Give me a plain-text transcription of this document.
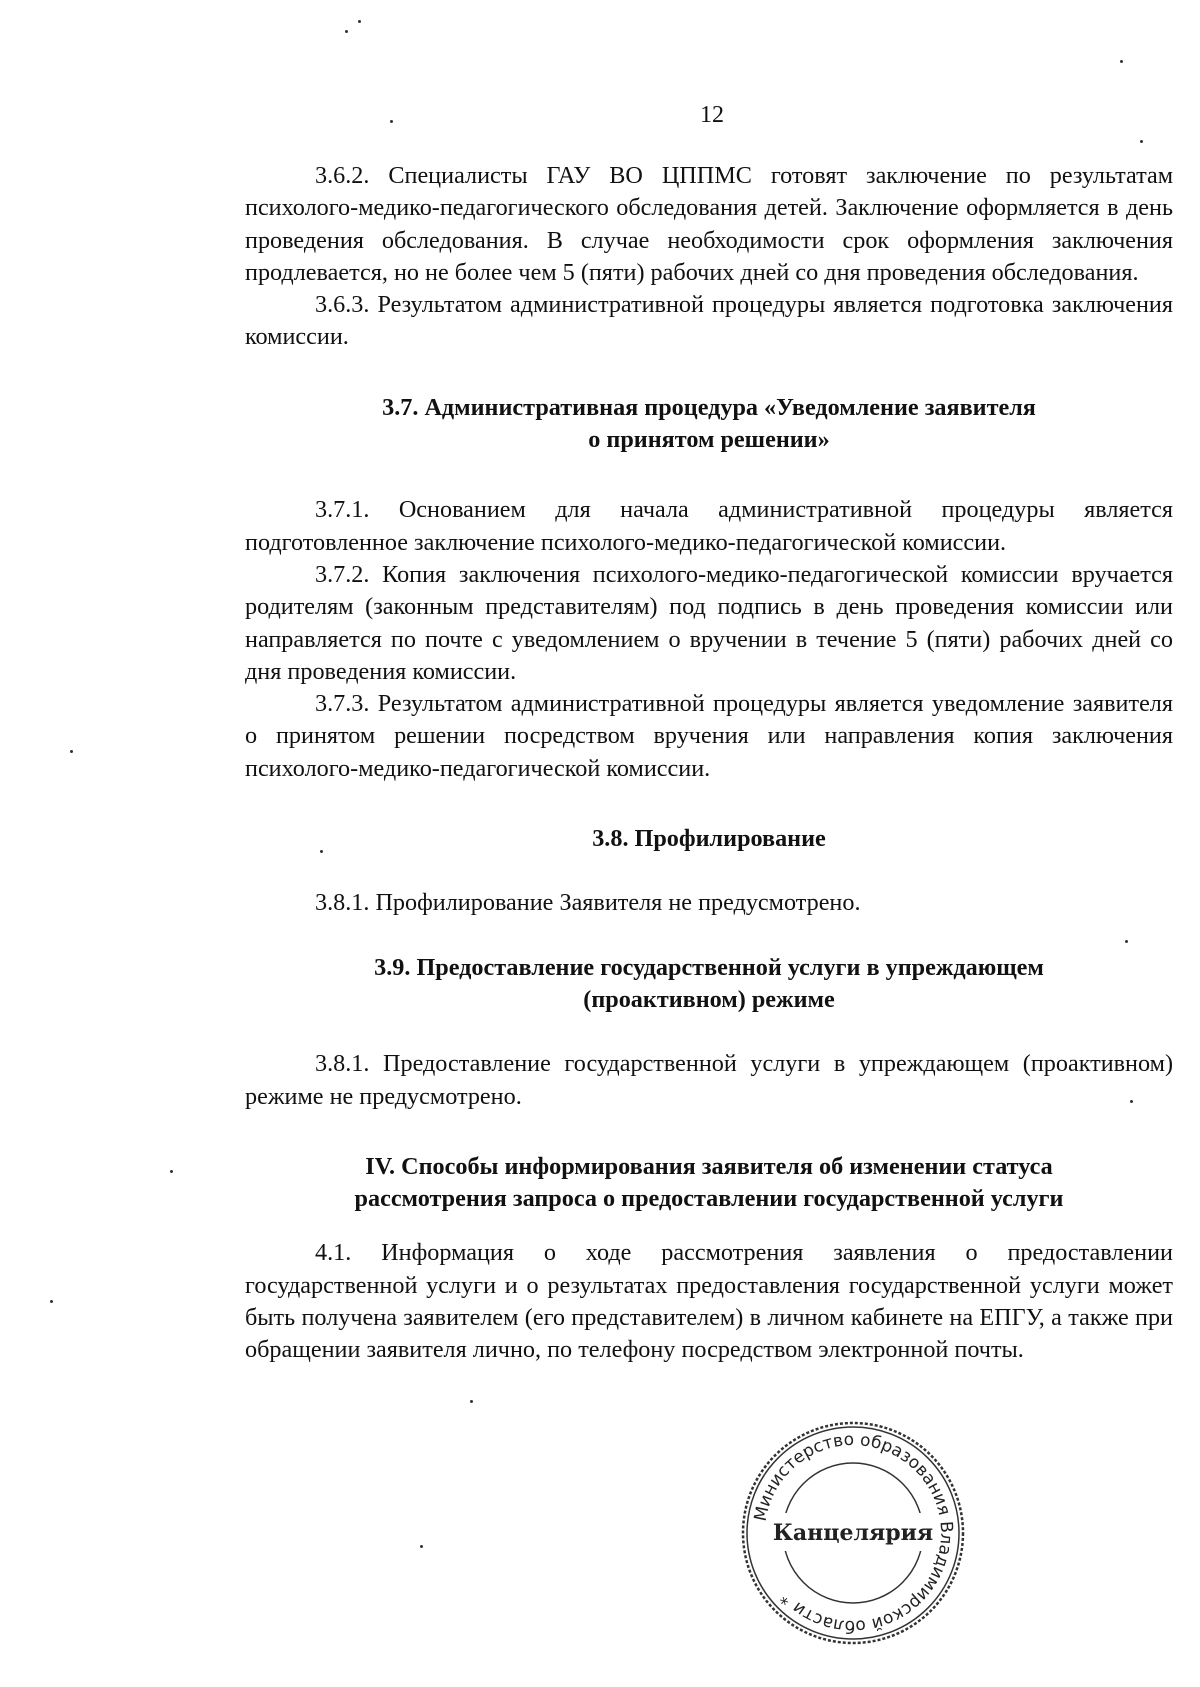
12

3.6.2. Специалисты ГАУ ВО ЦППМС готовят заключение по результатам психолого-медико-педагогического обследования детей. Заключение оформляется в день проведения обследования. В случае необходимости срок оформления заключения продлевается, но не более чем 5 (пяти) рабочих дней со дня проведения обследования.

3.6.3. Результатом административной процедуры является подготовка заключения комиссии.

3.7. Административная процедура «Уведомление заявителя
о принятом решении»

3.7.1. Основанием для начала административной процедуры является подготовленное заключение психолого-медико-педагогической комиссии.

3.7.2. Копия заключения психолого-медико-педагогической комиссии вручается родителям (законным представителям) под подпись в день проведения комиссии или направляется по почте с уведомлением о вручении в течение 5 (пяти) рабочих дней со дня проведения комиссии.

3.7.3. Результатом административной процедуры является уведомление заявителя о принятом решении посредством вручения или направления копия заключения психолого-медико-педагогической комиссии.

3.8. Профилирование

3.8.1. Профилирование Заявителя не предусмотрено.

3.9. Предоставление государственной услуги в упреждающем
(проактивном) режиме

3.8.1. Предоставление государственной услуги в упреждающем (проактивном) режиме не предусмотрено.

IV. Способы информирования заявителя об изменении статуса
рассмотрения запроса о предоставлении государственной услуги

4.1. Информация о ходе рассмотрения заявления о предоставлении государственной услуги и о результатах предоставления государственной услуги может быть получена заявителем (его представителем) в личном кабинете на ЕПГУ, а также при обращении заявителя лично, по телефону посредством электронной почты.

Министерство образования Владимирской области *
Канцелярия
